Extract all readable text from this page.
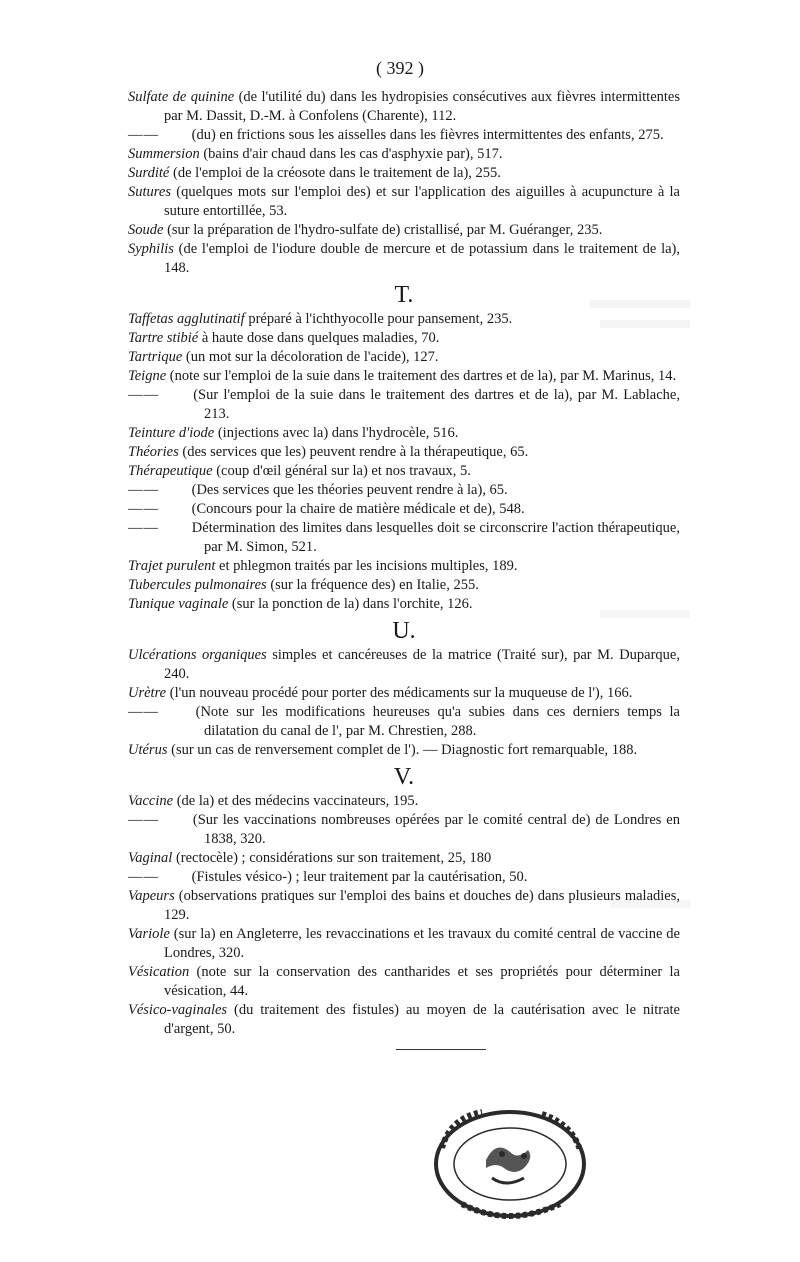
( 392 )

Sulfate de quinine (de l'utilité du) dans les hydropisies consécutives aux fièvres intermittentes par M. Dassit, D.-M. à Confolens (Charente), 112.

—— (du) en frictions sous les aisselles dans les fièvres intermittentes des enfants, 275.

Summersion (bains d'air chaud dans les cas d'asphyxie par), 517.

Surdité (de l'emploi de la créosote dans le traitement de la), 255.

Sutures (quelques mots sur l'emploi des) et sur l'application des aiguilles à acupuncture à la suture entortillée, 53.

Soude (sur la préparation de l'hydro-sulfate de) cristallisé, par M. Guéranger, 235.

Syphilis (de l'emploi de l'iodure double de mercure et de potassium dans le traitement de la), 148.

T.

Taffetas agglutinatif préparé à l'ichthyocolle pour pansement, 235.

Tartre stibié à haute dose dans quelques maladies, 70.

Tartrique (un mot sur la décoloration de l'acide), 127.

Teigne (note sur l'emploi de la suie dans le traitement des dartres et de la), par M. Marinus, 14.

—— (Sur l'emploi de la suie dans le traitement des dartres et de la), par M. Lablache, 213.

Teinture d'iode (injections avec la) dans l'hydrocèle, 516.

Théories (des services que les) peuvent rendre à la thérapeutique, 65.

Thérapeutique (coup d'œil général sur la) et nos travaux, 5.

—— (Des services que les théories peuvent rendre à la), 65.

—— (Concours pour la chaire de matière médicale et de), 548.

—— Détermination des limites dans lesquelles doit se circonscrire l'action thérapeutique, par M. Simon, 521.

Trajet purulent et phlegmon traités par les incisions multiples, 189.

Tubercules pulmonaires (sur la fréquence des) en Italie, 255.

Tunique vaginale (sur la ponction de la) dans l'orchite, 126.

U.

Ulcérations organiques simples et cancéreuses de la matrice (Traité sur), par M. Duparque, 240.

Urètre (l'un nouveau procédé pour porter des médicaments sur la muqueuse de l'), 166.

—— (Note sur les modifications heureuses qu'a subies dans ces derniers temps la dilatation du canal de l', par M. Chrestien, 288.

Utérus (sur un cas de renversement complet de l'). — Diagnostic fort remarquable, 188.

V.

Vaccine (de la) et des médecins vaccinateurs, 195.

—— (Sur les vaccinations nombreuses opérées par le comité central de) de Londres en 1838, 320.

Vaginal (rectocèle) ; considérations sur son traitement, 25, 180

—— (Fistules vésico-) ; leur traitement par la cautérisation, 50.

Vapeurs (observations pratiques sur l'emploi des bains et douches de) dans plusieurs maladies, 129.

Variole (sur la) en Angleterre, les revaccinations et les travaux du comité central de vaccine de Londres, 320.

Vésication (note sur la conservation des cantharides et ses propriétés pour déterminer la vésication, 44.

Vésico-vaginales (du traitement des fistules) au moyen de la cautérisation avec le nitrate d'argent, 50.
